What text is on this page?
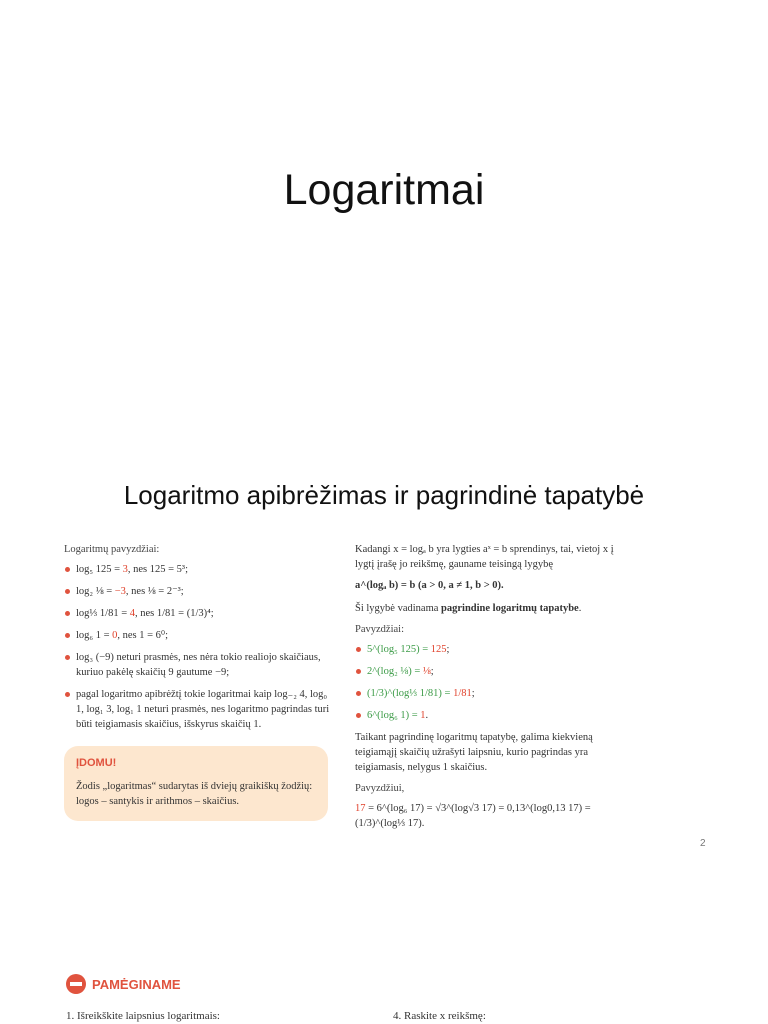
Logaritmai
Logaritmo apibrėžimas ir pagrindinė tapatybė
Logaritmų pavyzdžiai:
log₅ 125 = 3, nes 125 = 5³;
log₂ ⅛ = −3, nes ⅛ = 2⁻³;
log⅓ 1/81 = 4, nes 1/81 = (1/3)⁴;
log₆ 1 = 0, nes 1 = 6⁰;
log₃ (−9) neturi prasmės, nes nėra tokio realiojo skaičiaus, kuriuo pakėlę skaičių 9 gautume −9;
pagal logaritmo apibrėžtį tokie logaritmai kaip log₋₂ 4, log₀ 1, log₁ 3, log₁ 1 neturi prasmės, nes logaritmo pagrindas turi būti teigiamasis skaičius, išskyrus skaičių 1.
ĮDOMU!
Žodis „logaritmas“ sudarytas iš dviejų graikiškų žodžių: logos – santykis ir arithmos – skaičius.
Kadangi x = logₐ b yra lygties aˣ = b sprendinys, tai, vietoj x į lygtį įrašę jo reikšmę, gauname teisingą lygybę
a^(logₐ b) = b (a > 0, a ≠ 1, b > 0).
Ši lygybė vadinama pagrindine logaritmų tapatybe.
Pavyzdžiai:
5^(log₅ 125) = 125;
2^(log₂ ⅛) = ⅛;
(1/3)^(log⅓ 1/81) = 1/81;
6^(log₆ 1) = 1.
Taikant pagrindinę logaritmų tapatybę, galima kiekvieną teigiamąjį skaičių užrašyti laipsniu, kurio pagrindas yra teigiamasis, nelygus 1 skaičius.
Pavyzdžiui,
17 = 6^(log₆ 17) = √3^(log√3 17) = 0,13^(log0,13 17) = (1/3)^(log⅓ 17).
2
PAMĖGINAME
1. Išreikškite laipsnius logaritmais:	4. Raskite x reikšmę:
